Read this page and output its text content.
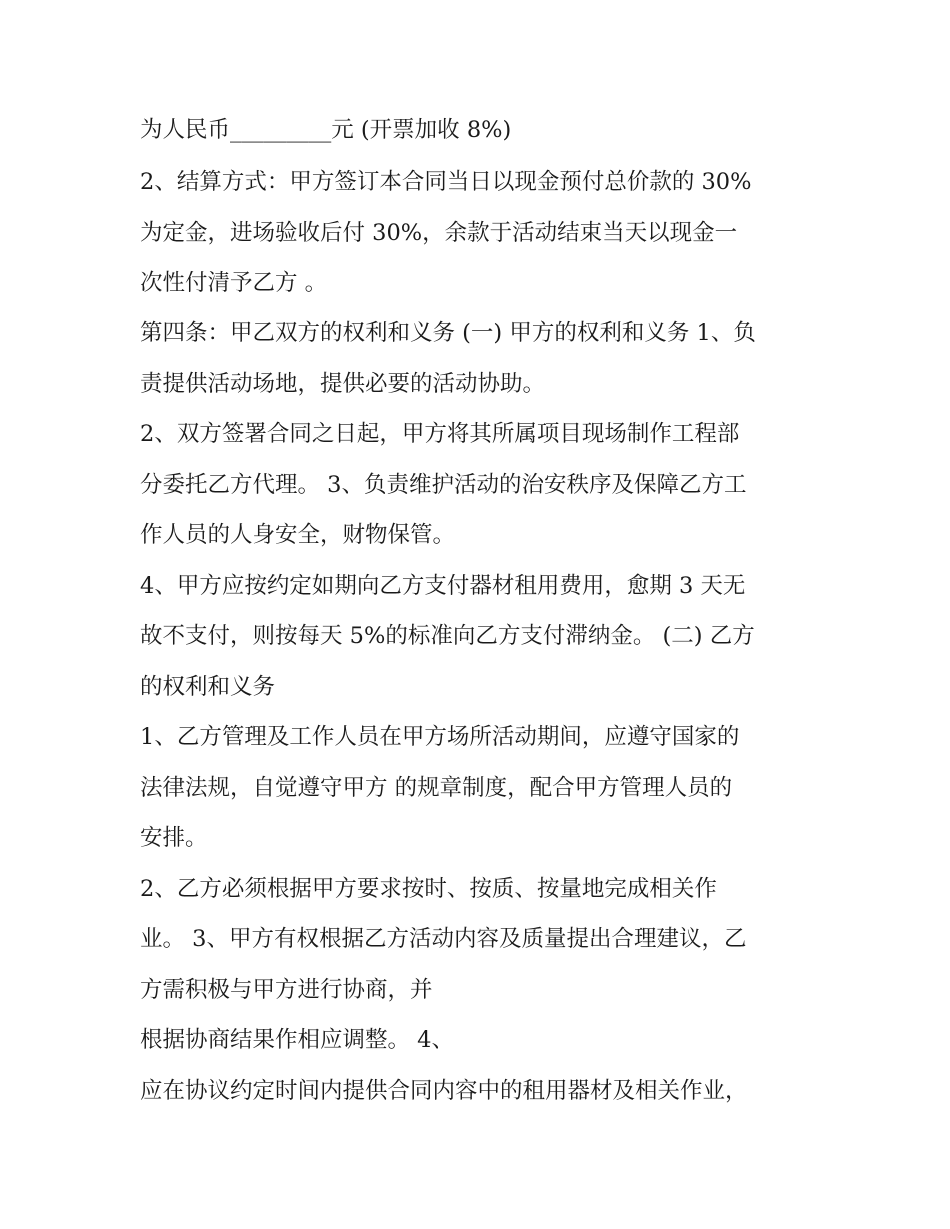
为人民币_________元 (开票加收 8%)
2、结算方式：甲方签订本合同当日以现金预付总价款的 30%
为定金，进场验收后付 30%，余款于活动结束当天以现金一
次性付清予乙方 。
第四条：甲乙双方的权利和义务 (一) 甲方的权利和义务 1、负
责提供活动场地，提供必要的活动协助。
2、双方签署合同之日起，甲方将其所属项目现场制作工程部
分委托乙方代理。 3、负责维护活动的治安秩序及保障乙方工
作人员的人身安全，财物保管。
4、甲方应按约定如期向乙方支付器材租用费用，愈期 3 天无
故不支付，则按每天 5%的标准向乙方支付滞纳金。 (二) 乙方
的权利和义务
1、乙方管理及工作人员在甲方场所活动期间，应遵守国家的
法律法规，自觉遵守甲方 的规章制度，配合甲方管理人员的
安排。
2、乙方必须根据甲方要求按时、按质、按量地完成相关作
业。 3、甲方有权根据乙方活动内容及质量提出合理建议，乙
方需积极与甲方进行协商，并
根据协商结果作相应调整。 4、
应在协议约定时间内提供合同内容中的租用器材及相关作业，
